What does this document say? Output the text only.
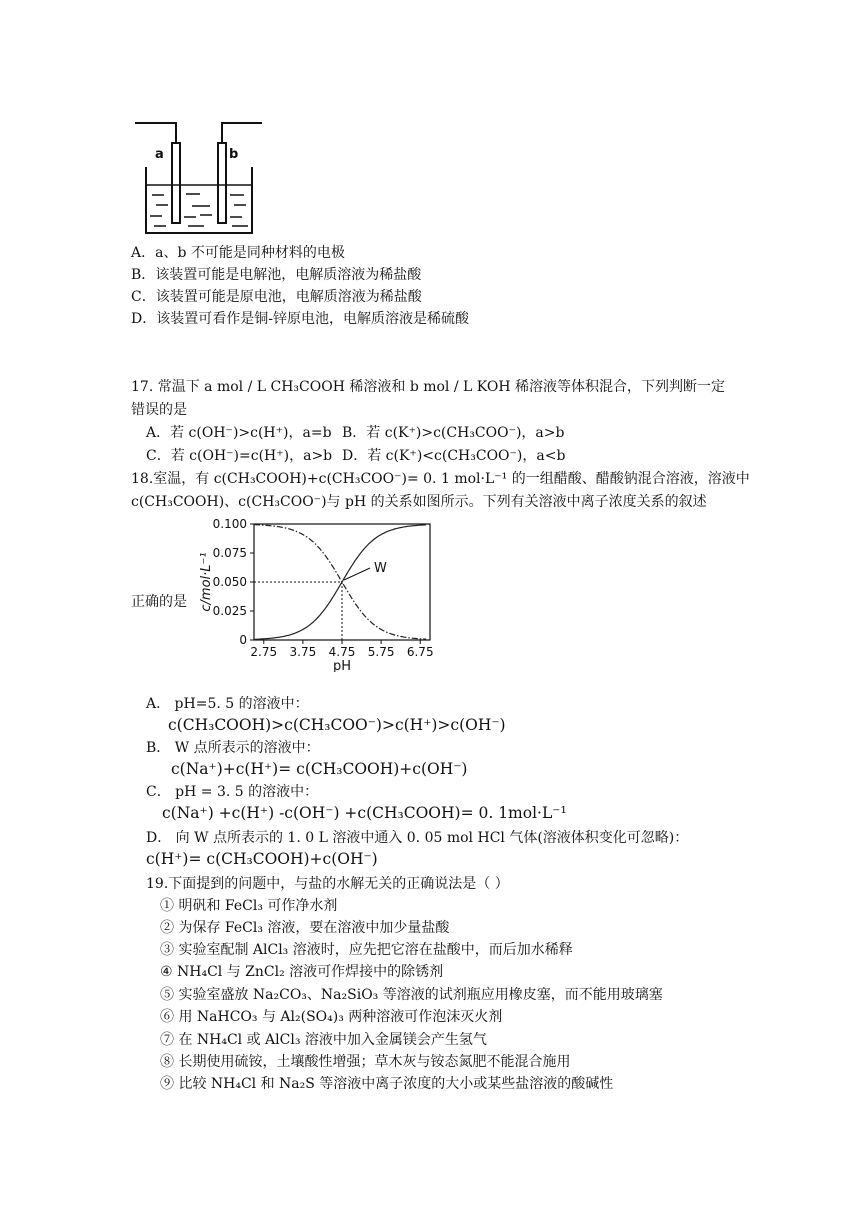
a	b
A．a、b 不可能是同种材料的电极
B．该装置可能是电解池，电解质溶液为稀盐酸
C．该装置可能是原电池，电解质溶液为稀盐酸
D．该装置可看作是铜-锌原电池，电解质溶液是稀硫酸
17. 常温下 a mol / L CH₃COOH 稀溶液和 b mol / L KOH 稀溶液等体积混合，下列判断一定
错误的是
A．若 c(OH⁻)>c(H⁺)，a=b B．若 c(K⁺)>c(CH₃COO⁻)，a>b
C．若 c(OH⁻)=c(H⁺)，a>b D．若 c(K⁺)<c(CH₃COO⁻)，a<b
18.室温，有 c(CH₃COOH)+c(CH₃COO⁻)= 0. 1 mol·L⁻¹ 的一组醋酸、醋酸钠混合溶液，溶液中
c(CH₃COOH)、c(CH₃COO⁻)与 pH 的关系如图所示。下列有关溶液中离子浓度关系的叙述
正确的是
0
0.025
0.050
0.075
0.100
2.75 3.75 4.75 5.75 6.75
pH
c/mol·L⁻¹	W
A． pH=5. 5 的溶液中：
c(CH₃COOH)>c(CH₃COO⁻)>c(H⁺)>c(OH⁻)
B． W 点所表示的溶液中：
c(Na⁺)+c(H⁺)= c(CH₃COOH)+c(OH⁻)
C． pH = 3. 5 的溶液中：
c(Na⁺) +c(H⁺) -c(OH⁻) +c(CH₃COOH)= 0. 1mol·L⁻¹
D． 向 W 点所表示的 1. 0 L 溶液中通入 0. 05 mol HCl 气体(溶液体积变化可忽略)：
c(H⁺)= c(CH₃COOH)+c(OH⁻)
19.下面提到的问题中，与盐的水解无关的正确说法是（ ）
① 明矾和 FeCl₃ 可作净水剂
② 为保存 FeCl₃ 溶液，要在溶液中加少量盐酸
③ 实验室配制 AlCl₃ 溶液时，应先把它溶在盐酸中，而后加水稀释
④ NH₄Cl 与 ZnCl₂ 溶液可作焊接中的除锈剂
⑤ 实验室盛放 Na₂CO₃、Na₂SiO₃ 等溶液的试剂瓶应用橡皮塞，而不能用玻璃塞
⑥ 用 NaHCO₃ 与 Al₂(SO₄)₃ 两种溶液可作泡沫灭火剂
⑦ 在 NH₄Cl 或 AlCl₃ 溶液中加入金属镁会产生氢气
⑧ 长期使用硫铵，土壤酸性增强；草木灰与铵态氮肥不能混合施用
⑨ 比较 NH₄Cl 和 Na₂S 等溶液中离子浓度的大小或某些盐溶液的酸碱性
